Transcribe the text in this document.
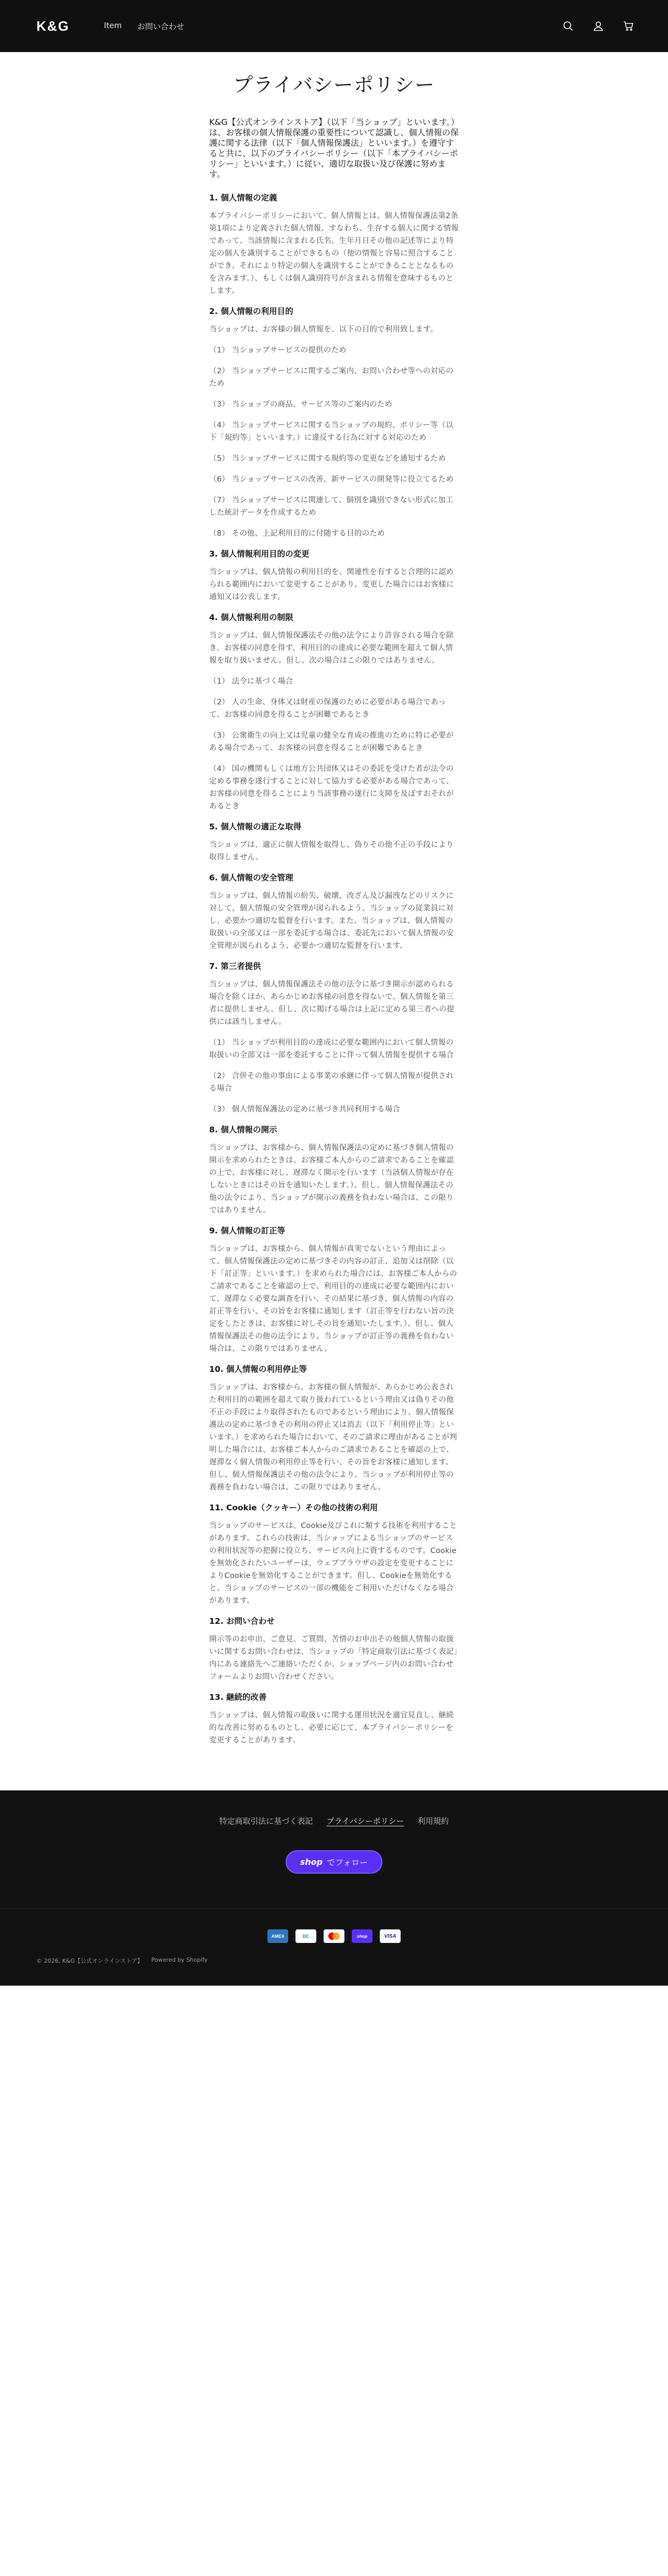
K&G	Item お問い合わせ
プライバシーポリシー

K&G【公式オンラインストア】（以下「当ショップ」といいます。）は、お客様の個人情報保護の重要性について認識し、個人情報の保護に関する法律（以下「個人情報保護法」といいます。）を遵守すると共に、以下のプライバシーポリシー（以下「本プライバシーポリシー」といいます。）に従い、適切な取扱い及び保護に努めます。

1. 個人情報の定義

本プライバシーポリシーにおいて、個人情報とは、個人情報保護法第2条第1項により定義された個人情報、すなわち、生存する個人に関する情報であって、当該情報に含まれる氏名、生年月日その他の記述等により特定の個人を識別することができるもの（他の情報と容易に照合することができ、それにより特定の個人を識別することができることとなるものを含みます。）、もしくは個人識別符号が含まれる情報を意味するものとします。

2. 個人情報の利用目的

当ショップは、お客様の個人情報を、以下の目的で利用致します。

（1） 当ショップサービスの提供のため

（2） 当ショップサービスに関するご案内、お問い合わせ等への対応のため

（3） 当ショップの商品、サービス等のご案内のため

（4） 当ショップサービスに関する当ショップの規約、ポリシー等（以下「規約等」といいます。）に違反する行為に対する対応のため

（5） 当ショップサービスに関する規約等の変更などを通知するため

（6） 当ショップサービスの改善、新サービスの開発等に役立てるため

（7） 当ショップサービスに関連して、個別を識別できない形式に加工した統計データを作成するため

（8） その他、上記利用目的に付随する目的のため

3. 個人情報利用目的の変更

当ショップは、個人情報の利用目的を、関連性を有すると合理的に認められる範囲内において変更することがあり、変更した場合にはお客様に通知又は公表します。

4. 個人情報利用の制限

当ショップは、個人情報保護法その他の法令により許容される場合を除き、お客様の同意を得ず、利用目的の達成に必要な範囲を超えて個人情報を取り扱いません。但し、次の場合はこの限りではありません。

（1） 法令に基づく場合

（2） 人の生命、身体又は財産の保護のために必要がある場合であって、お客様の同意を得ることが困難であるとき

（3） 公衆衛生の向上又は児童の健全な育成の推進のために特に必要がある場合であって、お客様の同意を得ることが困難であるとき

（4） 国の機関もしくは地方公共団体又はその委託を受けた者が法令の定める事務を遂行することに対して協力する必要がある場合であって、お客様の同意を得ることにより当該事務の遂行に支障を及ぼすおそれがあるとき

5. 個人情報の適正な取得

当ショップは、適正に個人情報を取得し、偽りその他不正の手段により取得しません。

6. 個人情報の安全管理

当ショップは、個人情報の紛失、破壊、改ざん及び漏洩などのリスクに対して、個人情報の安全管理が図られるよう、当ショップの従業員に対し、必要かつ適切な監督を行います。また、当ショップは、個人情報の取扱いの全部又は一部を委託する場合は、委託先において個人情報の安全管理が図られるよう、必要かつ適切な監督を行います。

7. 第三者提供

当ショップは、個人情報保護法その他の法令に基づき開示が認められる場合を除くほか、あらかじめお客様の同意を得ないで、個人情報を第三者に提供しません。但し、次に掲げる場合は上記に定める第三者への提供には該当しません。

（1） 当ショップが利用目的の達成に必要な範囲内において個人情報の取扱いの全部又は一部を委託することに伴って個人情報を提供する場合

（2） 合併その他の事由による事業の承継に伴って個人情報が提供される場合

（3） 個人情報保護法の定めに基づき共同利用する場合

8. 個人情報の開示

当ショップは、お客様から、個人情報保護法の定めに基づき個人情報の開示を求められたときは、お客様ご本人からのご請求であることを確認の上で、お客様に対し、遅滞なく開示を行います（当該個人情報が存在しないときにはその旨を通知いたします。）。但し、個人情報保護法その他の法令により、当ショップが開示の義務を負わない場合は、この限りではありません。

9. 個人情報の訂正等

当ショップは、お客様から、個人情報が真実でないという理由によって、個人情報保護法の定めに基づきその内容の訂正、追加又は削除（以下「訂正等」といいます。）を求められた場合には、お客様ご本人からのご請求であることを確認の上で、利用目的の達成に必要な範囲内において、遅滞なく必要な調査を行い、その結果に基づき、個人情報の内容の訂正等を行い、その旨をお客様に通知します（訂正等を行わない旨の決定をしたときは、お客様に対しその旨を通知いたします。）。但し、個人情報保護法その他の法令により、当ショップが訂正等の義務を負わない場合は、この限りではありません。

10. 個人情報の利用停止等

当ショップは、お客様から、お客様の個人情報が、あらかじめ公表された利用目的の範囲を超えて取り扱われているという理由又は偽りその他不正の手段により取得されたものであるという理由により、個人情報保護法の定めに基づきその利用の停止又は消去（以下「利用停止等」といいます。）を求められた場合において、そのご請求に理由があることが判明した場合には、お客様ご本人からのご請求であることを確認の上で、遅滞なく個人情報の利用停止等を行い、その旨をお客様に通知します。但し、個人情報保護法その他の法令により、当ショップが利用停止等の義務を負わない場合は、この限りではありません。

11. Cookie（クッキー）その他の技術の利用

当ショップのサービスは、Cookie及びこれに類する技術を利用することがあります。これらの技術は、当ショップによる当ショップのサービスの利用状況等の把握に役立ち、サービス向上に資するものです。Cookieを無効化されたいユーザーは、ウェブブラウザの設定を変更することによりCookieを無効化することができます。但し、Cookieを無効化すると、当ショップのサービスの一部の機能をご利用いただけなくなる場合があります。

12. お問い合わせ

開示等のお申出、ご意見、ご質問、苦情のお申出その他個人情報の取扱いに関するお問い合わせは、当ショップの「特定商取引法に基づく表記」内にある連絡先へご連絡いただくか、ショップページ内のお問い合わせフォームよりお問い合わせください。

13. 継続的改善

当ショップは、個人情報の取扱いに関する運用状況を適宜見直し、継続的な改善に努めるものとし、必要に応じて、本プライバシーポリシーを変更することがあります。

特定商取引法に基づく表記 プライバシーポリシー 利用規約
shop でフォロー
AMEX	DC	shop	VISA
© 2026, K&G【公式オンラインストア】 Powered by Shopify
